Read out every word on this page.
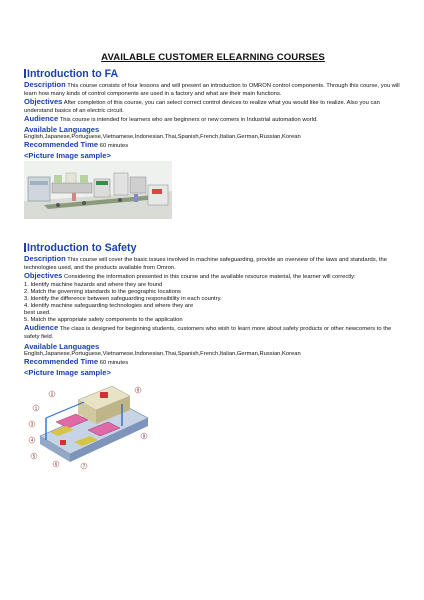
AVAILABLE CUSTOMER ELEARNING COURSES
Introduction to FA

Description This course consists of four lessons and will present an introduction to OMRON control components. Through this course, you will learn how many kinds of control components are used in a factory and what are their main functions.

Objectives After completion of this course, you can select correct control devices to realize what you would like to realize. Also you can understand basics of an electric circuit.

Audience This course is intended for learners who are beginners or new comers in Industrial automation world.

Available Languages
English,Japanese,Portuguese,Vietnamese,Indonesian,Thai,Spanish,French,Italian,German,Russian,Korean
Recommended Time 60 minutes
<Picture Image sample>
Introduction to Safety

Description This course will cover the basic issues involved in machine safeguarding, provide an overview of the laws and standards, the technologies used, and the products available from Omron.

Objectives Considering the information presented in this course and the available resource material, the learner will correctly:

1. Identify machine hazards and where they are found
2. Match the governing standards to the geographic locations
3. Identify the difference between safeguarding responsibility in each country.
4. Identify machine safeguarding technologies and where they are
best used.
5. Match the appropriate safety components to the application

Audience The class is designed for beginning students, customers who wish to learn more about safety products or other newcomers to the safety field.

Available Languages
English,Japanese,Portuguese,Vietnamese,Indonesian,Thai,Spanish,French,Italian,German,Russian,Korean
Recommended Time 60 minutes
<Picture Image sample>
1
2
3
4
5
6	7
8
9
